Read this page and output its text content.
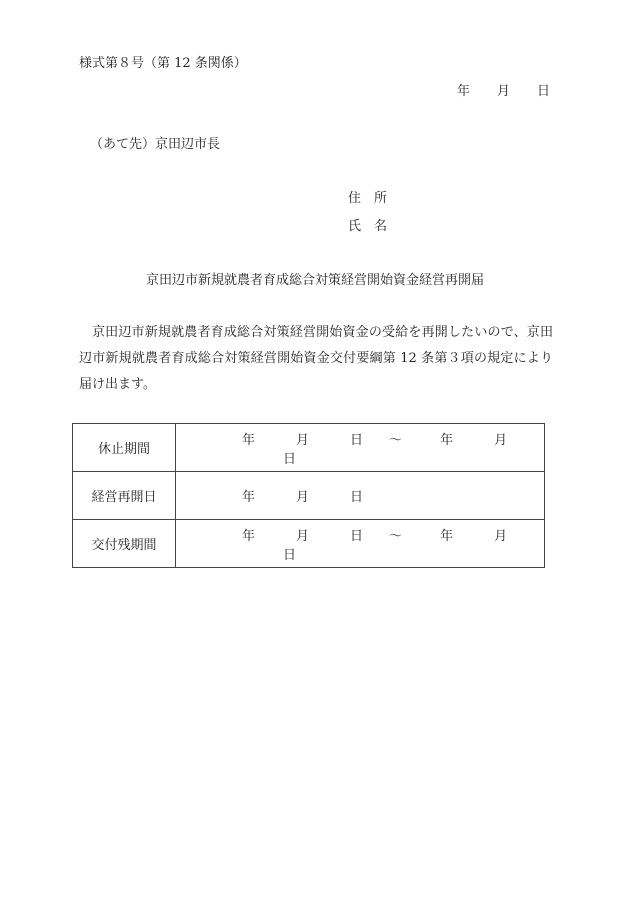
様式第８号（第 12 条関係）
年 月 日
（あて先）京田辺市長
住　所
氏　名
京田辺市新規就農者育成総合対策経営開始資金経営再開届
京田辺市新規就農者育成総合対策経営開始資金の受給を再開したいので、京田辺市新規就農者育成総合対策経営開始資金交付要綱第 12 条第３項の規定により届け出ます。
休止期間	年 月 日 ～ 年 月日
経営再開日	年 月 日
交付残期間	年 月 日 ～ 年 月日
